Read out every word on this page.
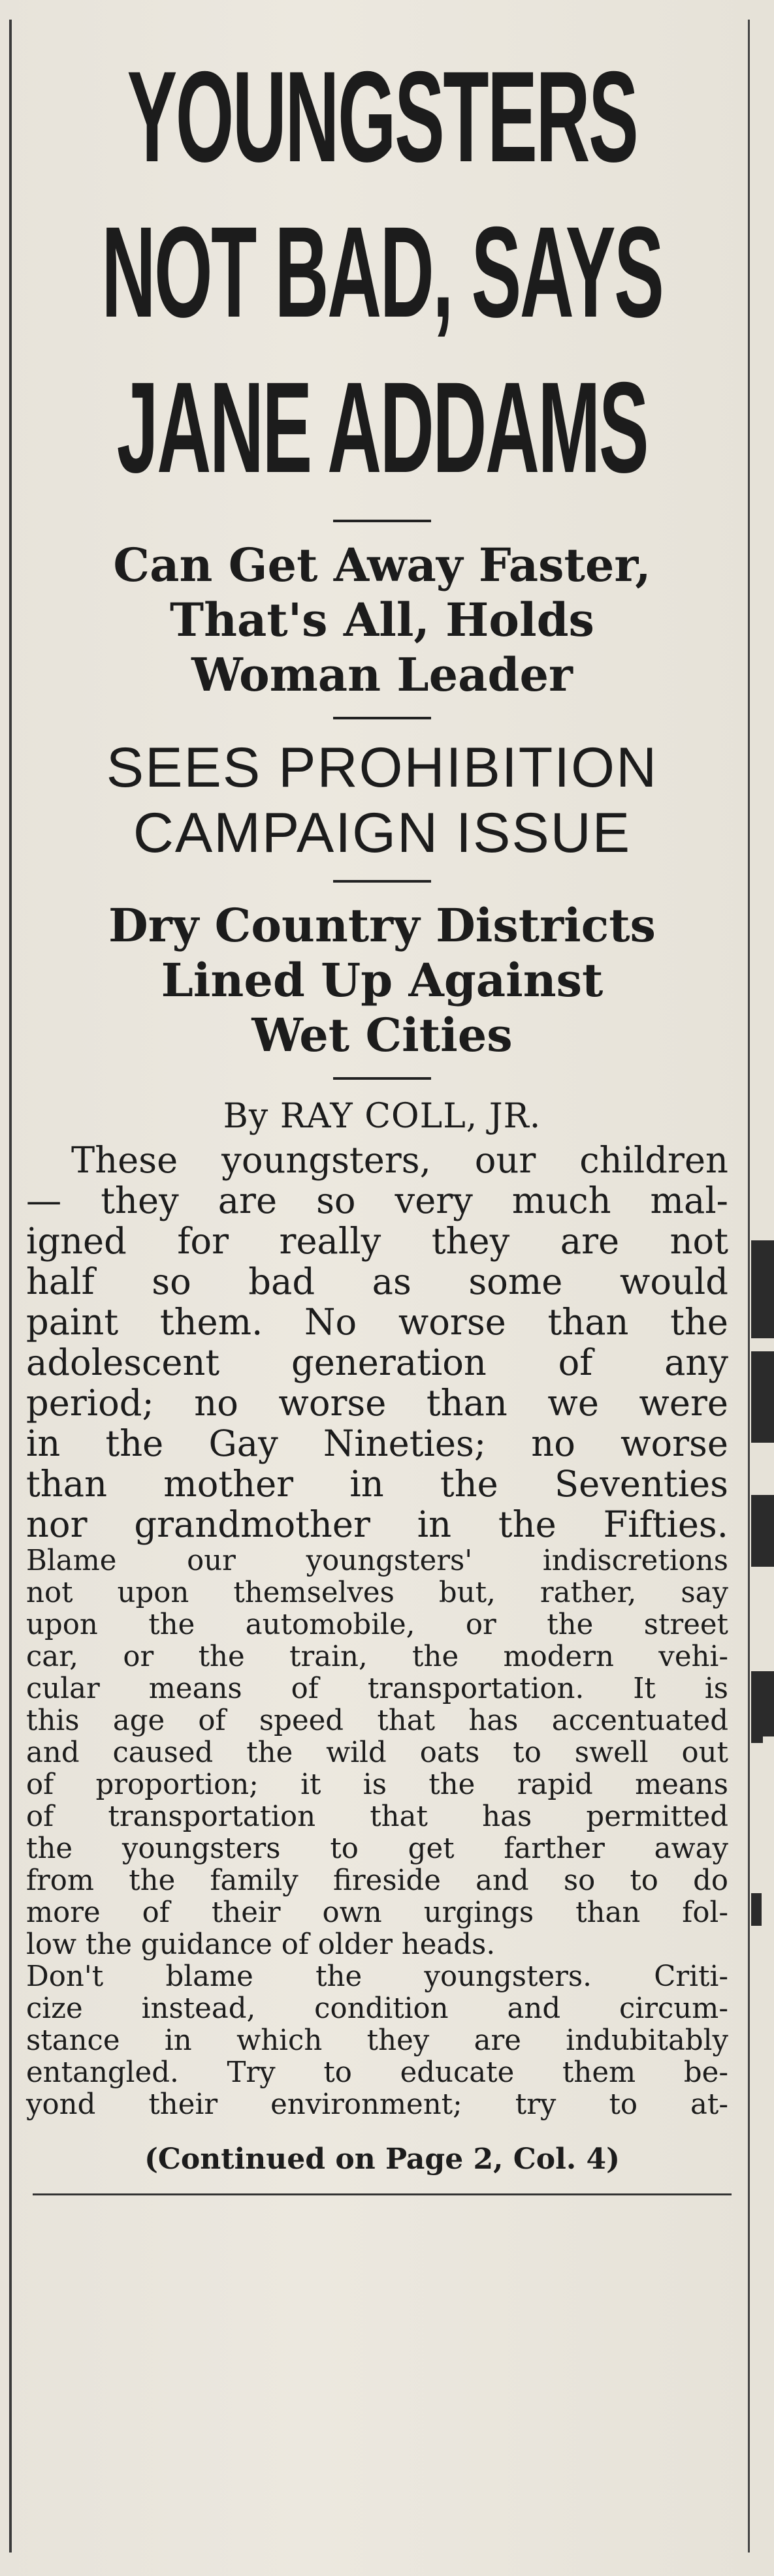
YOUNGSTERS
NOT BAD, SAYS
JANE ADDAMS
Can Get Away Faster,
That's All, Holds
Woman Leader
SEES PROHIBITION
CAMPAIGN ISSUE
Dry Country Districts
Lined Up Against
Wet Cities
By RAY COLL, JR.
These youngsters, our children
— they are so very much mal-
igned for really they are not
half so bad as some would
paint them. No worse than the
adolescent generation of any
period; no worse than we were
in the Gay Nineties; no worse
than mother in the Seventies
nor grandmother in the Fifties.
Blame our youngsters' indiscretions
not upon themselves but, rather, say
upon the automobile, or the street
car, or the train, the modern vehi-
cular means of transportation. It is
this age of speed that has accentuated
and caused the wild oats to swell out
of proportion; it is the rapid means
of transportation that has permitted
the youngsters to get farther away
from the family fireside and so to do
more of their own urgings than fol-
low the guidance of older heads.
Don't blame the youngsters. Criti-
cize instead, condition and circum-
stance in which they are indubitably
entangled. Try to educate them be-
yond their environment; try to at-
(Continued on Page 2, Col. 4)
